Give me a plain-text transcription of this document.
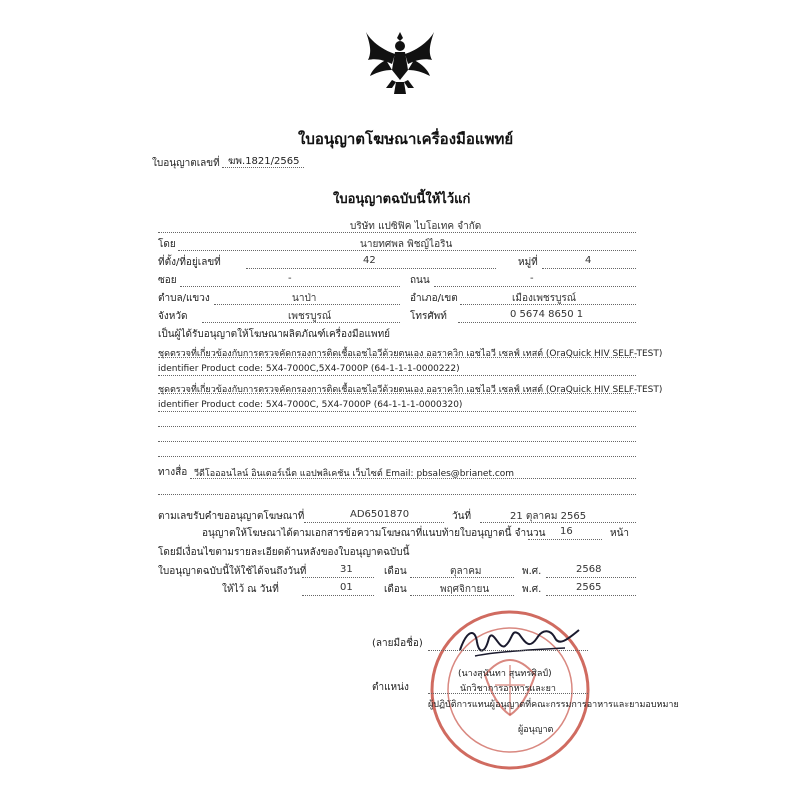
ใบอนุญาตโฆษณาเครื่องมือแพทย์
ใบอนุญาตเลขที่ ฆพ.1821/2565
ใบอนุญาตฉบับนี้ให้ไว้แก่
บริษัท แปซิฟิค ไบโอเทค จำกัด
โดย	นายทศพล พิชญ์ไอริน
ที่ตั้ง/ที่อยู่เลขที่	42	หมู่ที่	4
ซอย	-	ถนน	-
ตำบล/แขวง	นาป่า	อำเภอ/เขต	เมืองเพชรบูรณ์
จังหวัด	เพชรบูรณ์	โทรศัพท์	0 5674 8650 1
เป็นผู้ได้รับอนุญาตให้โฆษณาผลิตภัณฑ์เครื่องมือแพทย์
ชุดตรวจที่เกี่ยวข้องกับการตรวจคัดกรองการติดเชื้อเอชไอวีด้วยตนเอง ออราควิก เอชไอวี เซลฟ์ เทสต์ (OraQuick HIV SELF-TEST)
identifier Product code: 5X4-7000C,5X4-7000P (64-1-1-1-0000222)
ชุดตรวจที่เกี่ยวข้องกับการตรวจคัดกรองการติดเชื้อเอชไอวีด้วยตนเอง ออราควิก เอชไอวี เซลฟ์ เทสต์ (OraQuick HIV SELF-TEST)
identifier Product code: 5X4-7000C, 5X4-7000P (64-1-1-1-0000320)
ทางสื่อ วีดีโอออนไลน์ อินเตอร์เน็ต แอปพลิเคชัน เว็บไซต์ Email: pbsales@brianet.com
ตามเลขรับคำขออนุญาตโฆษณาที่	AD6501870	วันที่	21 ตุลาคม 2565
อนุญาตให้โฆษณาได้ตามเอกสารข้อความโฆษณาที่แนบท้ายใบอนุญาตนี้ จำนวน 16	หน้า
โดยมีเงื่อนไขตามรายละเอียดด้านหลังของใบอนุญาตฉบับนี้
ใบอนุญาตฉบับนี้ให้ใช้ได้จนถึงวันที่	31	เดือน	ตุลาคม	พ.ศ.	2568
ให้ไว้ ณ วันที่	01	เดือน	พฤศจิกายน	พ.ศ.	2565
(ลายมือชื่อ)
(นางสุนันทา สุนทรศิลป์)
ตำแหน่ง	นักวิชาการอาหารและยา
ผู้ปฏิบัติการแทนผู้อนุญาตที่คณะกรรมการอาหารและยามอบหมาย
ผู้อนุญาต
